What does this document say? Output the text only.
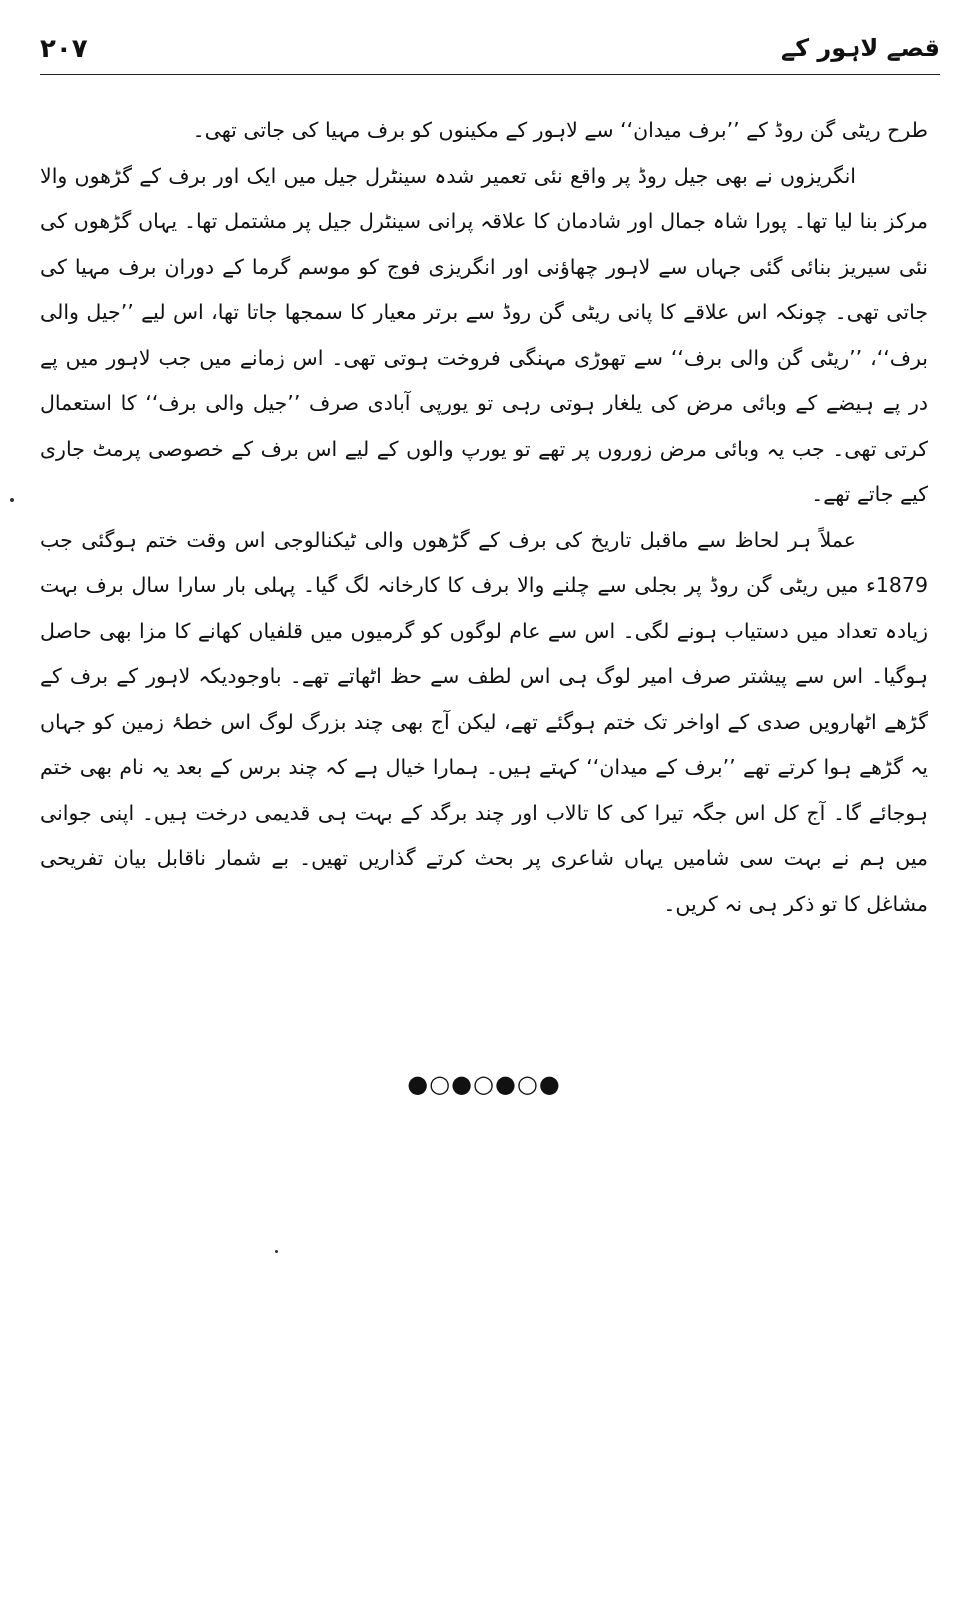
۲۰۷	قصے لاہور کے

طرح ریٹی گن روڈ کے ’’برف میدان‘‘ سے لاہور کے مکینوں کو برف مہیا کی جاتی تھی۔

انگریزوں نے بھی جیل روڈ پر واقع نئی تعمیر شدہ سینٹرل جیل میں ایک اور برف کے گڑھوں والا مرکز بنا لیا تھا۔ پورا شاہ جمال اور شادمان کا علاقہ پرانی سینٹرل جیل پر مشتمل تھا۔ یہاں گڑھوں کی نئی سیریز بنائی گئی جہاں سے لاہور چھاؤنی اور انگریزی فوج کو موسم گرما کے دوران برف مہیا کی جاتی تھی۔ چونکہ اس علاقے کا پانی ریٹی گن روڈ سے برتر معیار کا سمجھا جاتا تھا، اس لیے ’’جیل والی برف‘‘، ’’ریٹی گن والی برف‘‘ سے تھوڑی مہنگی فروخت ہوتی تھی۔ اس زمانے میں جب لاہور میں پے در پے ہیضے کے وبائی مرض کی یلغار ہوتی رہی تو یورپی آبادی صرف ’’جیل والی برف‘‘ کا استعمال کرتی تھی۔ جب یہ وبائی مرض زوروں پر تھے تو یورپ والوں کے لیے اس برف کے خصوصی پرمٹ جاری کیے جاتے تھے۔

عملاً ہر لحاظ سے ماقبل تاریخ کی برف کے گڑھوں والی ٹیکنالوجی اس وقت ختم ہوگئی جب 1879ء میں ریٹی گن روڈ پر بجلی سے چلنے والا برف کا کارخانہ لگ گیا۔ پہلی بار سارا سال برف بہت زیادہ تعداد میں دستیاب ہونے لگی۔ اس سے عام لوگوں کو گرمیوں میں قلفیاں کھانے کا مزا بھی حاصل ہوگیا۔ اس سے پیشتر صرف امیر لوگ ہی اس لطف سے حظ اٹھاتے تھے۔ باوجودیکہ لاہور کے برف کے گڑھے اٹھارویں صدی کے اواخر تک ختم ہوگئے تھے، لیکن آج بھی چند بزرگ لوگ اس خطۂ زمین کو جہاں یہ گڑھے ہوا کرتے تھے ’’برف کے میدان‘‘ کہتے ہیں۔ ہمارا خیال ہے کہ چند برس کے بعد یہ نام بھی ختم ہوجائے گا۔ آج کل اس جگہ تیرا کی کا تالاب اور چند برگد کے بہت ہی قدیمی درخت ہیں۔ اپنی جوانی میں ہم نے بہت سی شامیں یہاں شاعری پر بحث کرتے گذاریں تھیں۔ بے شمار ناقابل بیان تفریحی مشاغل کا تو ذکر ہی نہ کریں۔

●○●○●○●
